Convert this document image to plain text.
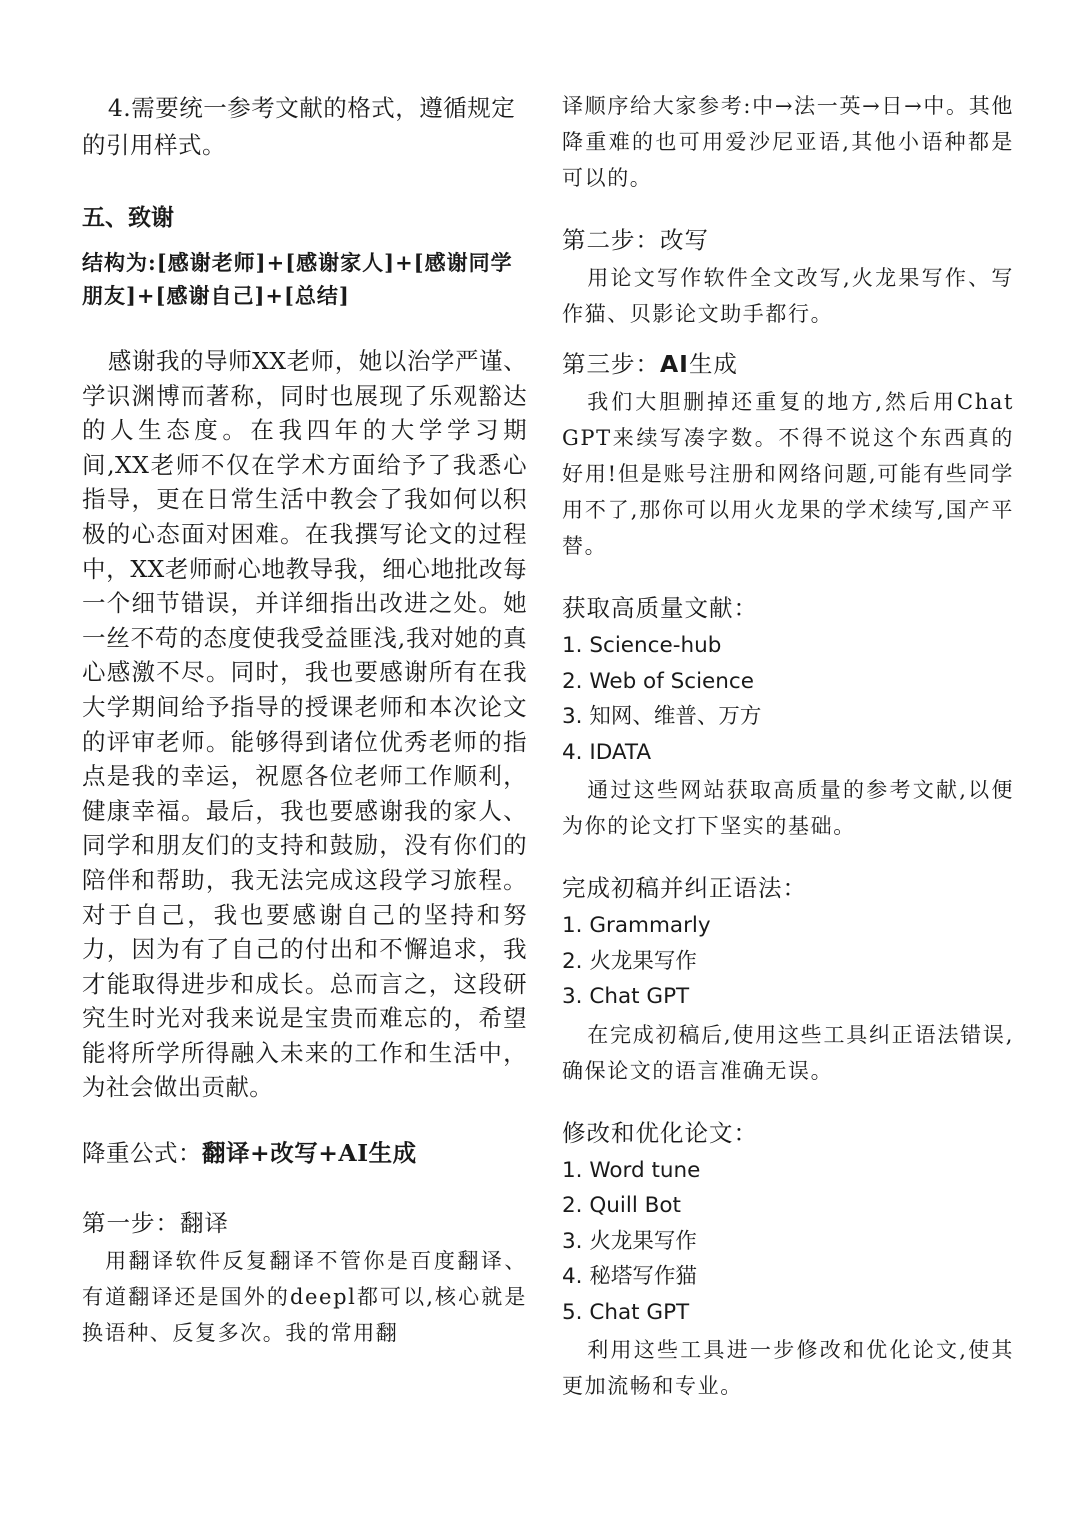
4.需要统一参考文献的格式，遵循规定的引用样式。

五、致谢

结构为:[感谢老师]+[感谢家人]+[感谢同学朋友]+[感谢自己]+[总结]

感谢我的导师XX老师，她以治学严谨、学识渊博而著称，同时也展现了乐观豁达的人生态度。在我四年的大学学习期间,XX老师不仅在学术方面给予了我悉心指导，更在日常生活中教会了我如何以积极的心态面对困难。在我撰写论文的过程中，XX老师耐心地教导我，细心地批改每一个细节错误，并详细指出改进之处。她一丝不苟的态度使我受益匪浅,我对她的真心感激不尽。同时，我也要感谢所有在我大学期间给予指导的授课老师和本次论文的评审老师。能够得到诸位优秀老师的指点是我的幸运，祝愿各位老师工作顺利，健康幸福。最后，我也要感谢我的家人、同学和朋友们的支持和鼓励，没有你们的陪伴和帮助，我无法完成这段学习旅程。对于自己，我也要感谢自己的坚持和努力，因为有了自己的付出和不懈追求，我才能取得进步和成长。总而言之，这段研究生时光对我来说是宝贵而难忘的，希望能将所学所得融入未来的工作和生活中，为社会做出贡献。

降重公式：翻译+改写+AI生成

第一步：翻译

用翻译软件反复翻译不管你是百度翻译、有道翻译还是国外的deepl都可以,核心就是换语种、反复多次。我的常用翻

译顺序给大家参考:中→法一英→日→中。其他降重难的也可用爱沙尼亚语,其他小语种都是可以的。

第二步：改写

用论文写作软件全文改写,火龙果写作、写作猫、贝影论文助手都行。

第三步：AI生成

我们大胆删掉还重复的地方,然后用Chat GPT来续写凑字数。不得不说这个东西真的好用!但是账号注册和网络问题,可能有些同学用不了,那你可以用火龙果的学术续写,国产平替。

获取高质量文献：

1. Science-hub
2. Web of Science
3. 知网、维普、万方
4. IDATA

通过这些网站获取高质量的参考文献,以便为你的论文打下坚实的基础。

完成初稿并纠正语法：

1. Grammarly
2. 火龙果写作
3. Chat GPT

在完成初稿后,使用这些工具纠正语法错误,确保论文的语言准确无误。

修改和优化论文：

1. Word tune
2. Quill Bot
3. 火龙果写作
4. 秘塔写作猫
5. Chat GPT

利用这些工具进一步修改和优化论文,使其更加流畅和专业。
